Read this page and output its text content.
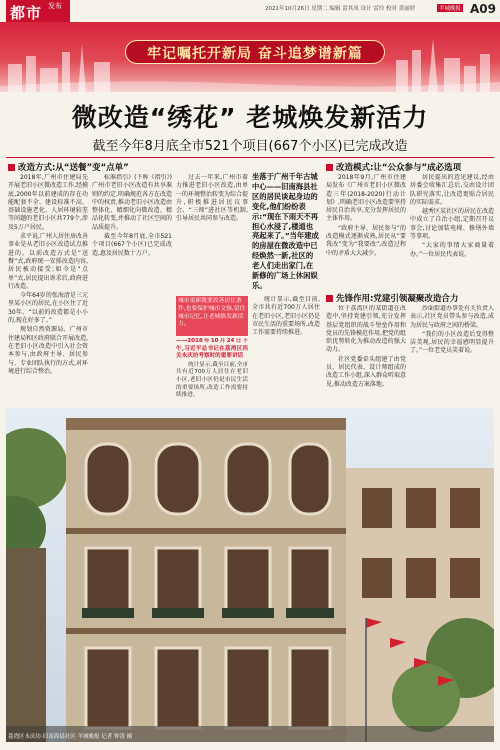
都市 发布	2021年10月26日 星期二 编辑 雷其凤 设计 雷玲 校对 黄丽婷	羊城晚报 A09
牢记嘱托开新局 奋斗追梦谱新篇
微改造“绣花” 老城焕发新活力
截至今年8月底全市521个项目(667个小区)已完成改造
改造方式:从“送餐”变“点单”

2018年,广州市住建局先开展老旧小区微改造工作,经摸底,2000年以前建成的存在功能配套不全、建设标准不高、基础设施老化、人居环境较差等问题的老旧小区共779个,涉及5万户居民。

求平说,广州人居住房改善事业是从老旧小区改造试点推进的。以前改造方式是“送餐”式,政府统一安排改造内容,居民被动接受;如今是“点单”式,居民提出诉求后,政府进行改造。

今年64岁的张海清是三元里某小区的居民,在小区住了近30年。“以前的改造都是小小的,现在好多了。”

规划自然资源局、广州市住建局和区政府联合开展改造,在老旧小区改造中引入社会资本参与,由政府主导、居民参与、专业团队执行的方式,对环境进行综合整治。

标准指引》(下称《指引》)广州市老旧小区改造有共享准则的约定,明确规范各方在改造中的权责,推动老旧小区改造由整体化、精细化向微改造、精品化转变,并推动了社区空间的品质提升。

截至今年8月底,全市521个项目(667个小区)已完成改造,惠及居民数十万户。

过去一年来,广州市着力推进老旧小区改造,由单一的环境整治转变为综合提升,积极推进居民议事会、“三师”进社区等机制,引导居民共同参与改造。

城市更新既要改善居住条件,也要保护城市文脉,留住城市记忆,让老城焕发新活力。

——2018年10月24日下午,习近平总书记在荔湾区西关永庆坊考察时的重要讲话

统计显示,截至目前,全市共有近700万人居住在老旧小区,老旧小区仍是市民生活的重要场所,改造工作需要持续推进。

坐落于广州千年古城中心——旧南海县社区的居民谈起身边的变化,他们纷纷表示:“现在下雨天不再担心水浸了,楼道也亮起来了。”当年建成的房屋在微改造中已经焕然一新,社区的老人们走出家门,在新修的广场上休闲娱乐。

统计显示,截至目前,全市共有近700万人居住在老旧小区,老旧小区仍是市民生活的重要场所,改造工作需要持续推进。

改造模式:让“公众参与”成必选项

2018年9月,广州市住建局发布《广州市老旧小区微改造三年(2018-2020)行动计划》,明确老旧小区改造要坚持居民自治共享,充分发挥居民的主体作用。

“政府主导、居民参与”的改造模式逐渐成熟,居民从“要我改”变为“我要改”,改造过程中的矛盾大大减少。

居民提出的意见建议,经由居委会收集汇总后,交由设计团队研究落实,让改造更贴合居民的实际需求。

越秀区某社区的居民在改造中成立了自治小组,定期召开议事会,讨论加装电梯、修缮外墙等事项。

“大家的事情大家商量着办。”一位居民代表说。

先锋作用:党建引领凝聚改造合力

位于荔湾区的某街道在改造中,坚持党建引领,充分发挥基层党组织的战斗堡垒作用和党员的先锋模范作用,把党的组织优势转化为推动改造的强大动力。

社区党委牵头组建了由党员、居民代表、设计师组成的改造工作小组,深入群众听取意见,推动改造方案落地。

沙面街道办事处有关负责人表示,社区党员带头参与改造,成为居民与政府之间的桥梁。

“我们的小区改造后变得整洁美观,居民的幸福感明显提升了。”一位老党员笑着说。

荔湾区永庆坊·旧南海县社区 羊城晚报 记者 钟涛 摄
